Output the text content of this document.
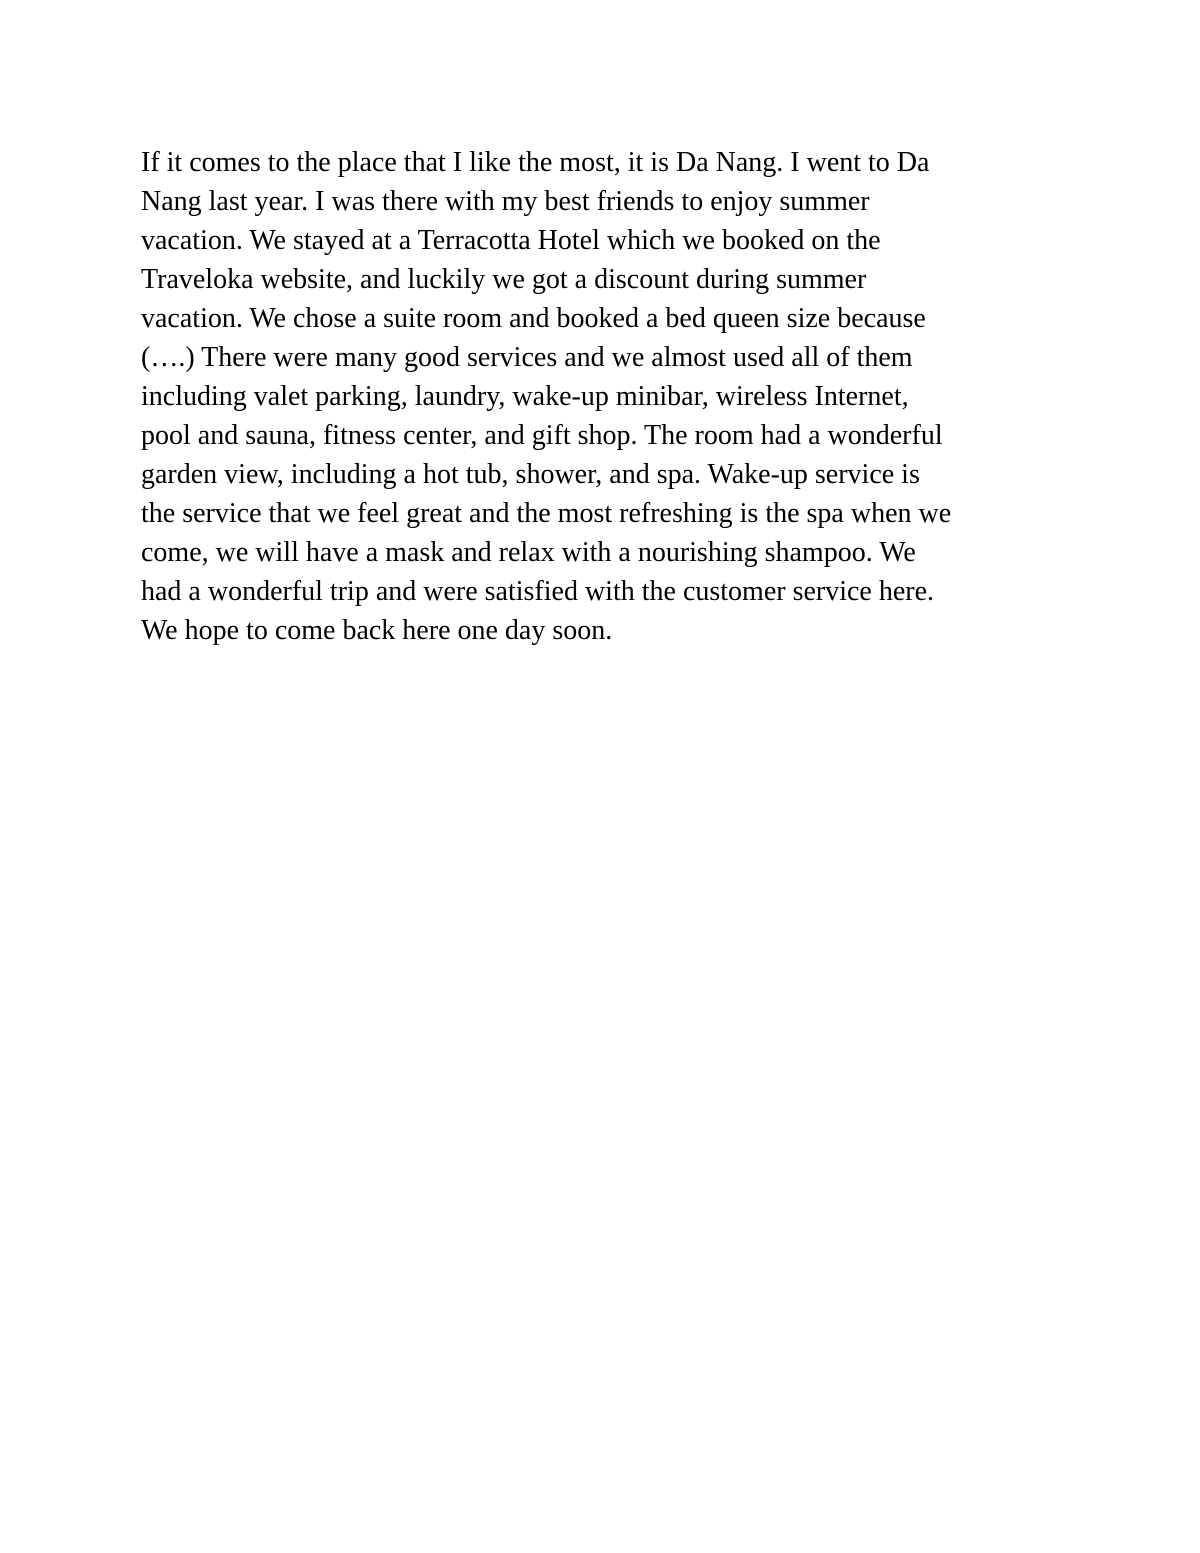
If it comes to the place that I like the most, it is Da Nang. I went to Da
Nang last year. I was there with my best friends to enjoy summer
vacation. We stayed at a Terracotta Hotel which we booked on the
Traveloka website, and luckily we got a discount during summer
vacation. We chose a suite room and booked a bed queen size because
(….) There were many good services and we almost used all of them
including valet parking, laundry, wake-up minibar, wireless Internet,
pool and sauna, fitness center, and gift shop. The room had a wonderful
garden view, including a hot tub, shower, and spa. Wake-up service is
the service that we feel great and the most refreshing is the spa when we
come, we will have a mask and relax with a nourishing shampoo. We
had a wonderful trip and were satisfied with the customer service here.
We hope to come back here one day soon.
